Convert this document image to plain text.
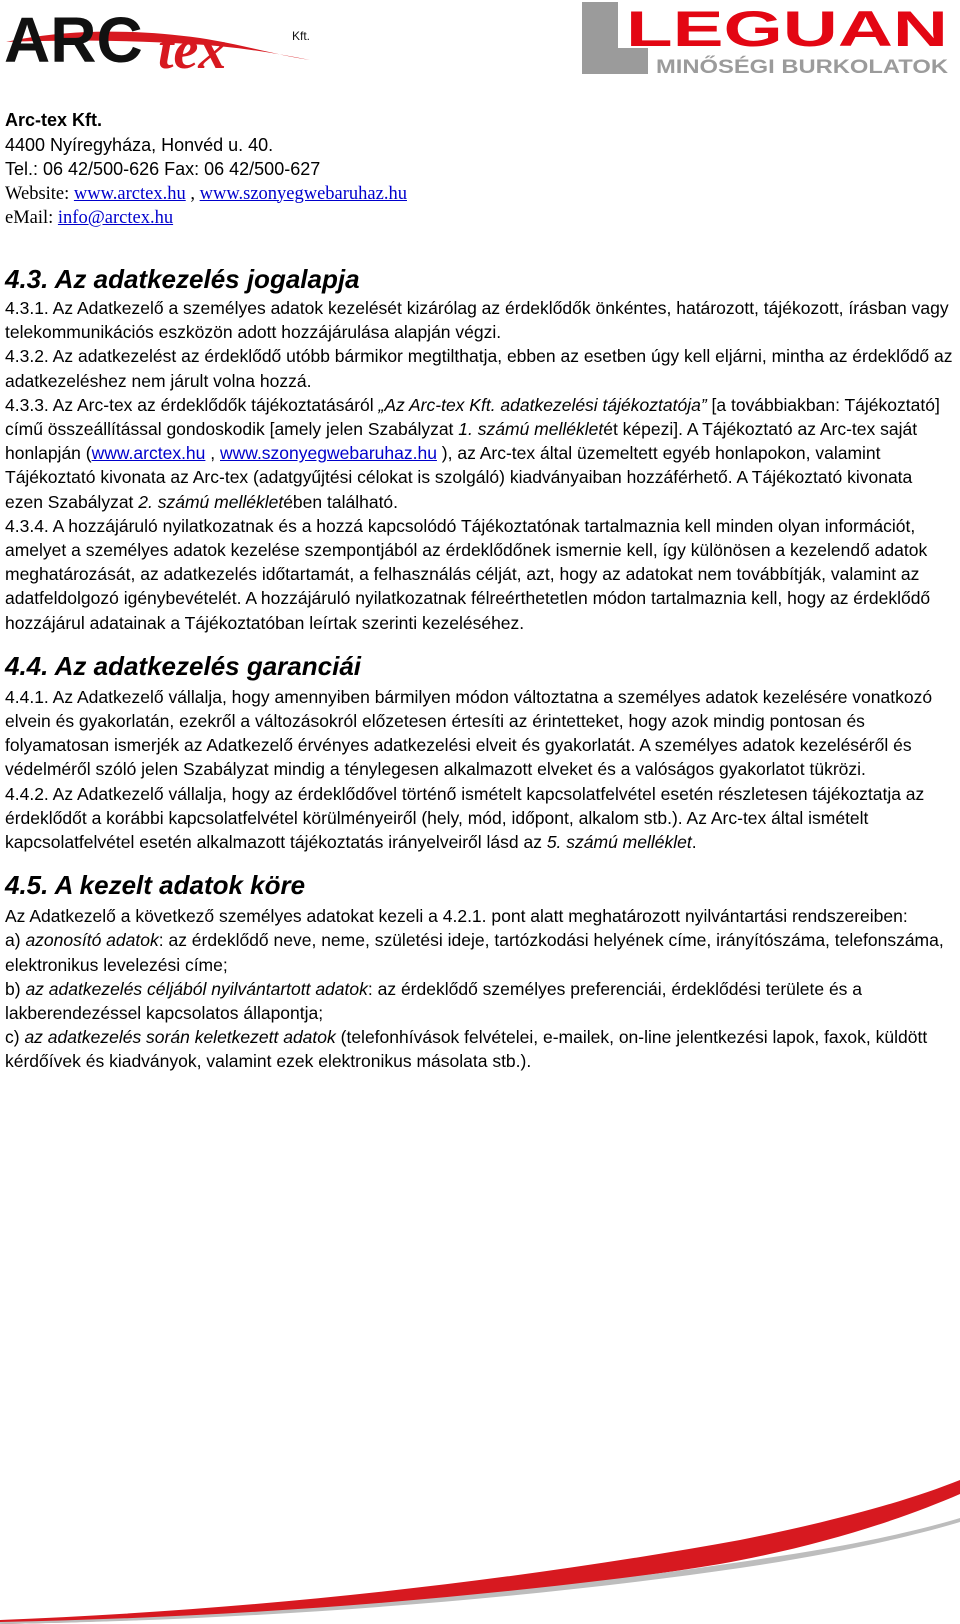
ARC tex	Kft.	LEGUAN
MINŐSÉGI BURKOLATOK
Arc-tex Kft.
4400 Nyíregyháza, Honvéd u. 40.
Tel.: 06 42/500-626 Fax: 06 42/500-627
Website: www.arctex.hu , www.szonyegwebaruhaz.hu
eMail: info@arctex.hu
4.3. Az adatkezelés jogalapja

4.3.1. Az Adatkezelő a személyes adatok kezelését kizárólag az érdeklődők önkéntes, határozott, tájékozott, írásban vagy telekommunikációs eszközön adott hozzájárulása alapján végzi.

4.3.2. Az adatkezelést az érdeklődő utóbb bármikor megtilthatja, ebben az esetben úgy kell eljárni, mintha az érdeklődő az adatkezeléshez nem járult volna hozzá.

4.3.3. Az Arc-tex az érdeklődők tájékoztatásáról „Az Arc-tex Kft. adatkezelési tájékoztatója” [a továbbiakban: Tájékoztató] című összeállítással gondoskodik [amely jelen Szabályzat 1. számú mellékletét képezi]. A Tájékoztató az Arc-tex saját honlapján (www.arctex.hu , www.szonyegwebaruhaz.hu ), az Arc-tex által üzemeltett egyéb honlapokon, valamint Tájékoztató kivonata az Arc-tex (adatgyűjtési célokat is szolgáló) kiadványaiban hozzáférhető. A Tájékoztató kivonata ezen Szabályzat 2. számú mellékletében található.

4.3.4. A hozzájáruló nyilatkozatnak és a hozzá kapcsolódó Tájékoztatónak tartalmaznia kell minden olyan információt, amelyet a személyes adatok kezelése szempontjából az érdeklődőnek ismernie kell, így különösen a kezelendő adatok meghatározását, az adatkezelés időtartamát, a felhasználás célját, azt, hogy az adatokat nem továbbítják, valamint az adatfeldolgozó igénybevételét. A hozzájáruló nyilatkozatnak félreérthetetlen módon tartalmaznia kell, hogy az érdeklődő hozzájárul adatainak a Tájékoztatóban leírtak szerinti kezeléséhez.

4.4. Az adatkezelés garanciái

4.4.1. Az Adatkezelő vállalja, hogy amennyiben bármilyen módon változtatna a személyes adatok kezelésére vonatkozó elvein és gyakorlatán, ezekről a változásokról előzetesen értesíti az érintetteket, hogy azok mindig pontosan és folyamatosan ismerjék az Adatkezelő érvényes adatkezelési elveit és gyakorlatát. A személyes adatok kezeléséről és védelméről szóló jelen Szabályzat mindig a ténylegesen alkalmazott elveket és a valóságos gyakorlatot tükrözi.

4.4.2. Az Adatkezelő vállalja, hogy az érdeklődővel történő ismételt kapcsolatfelvétel esetén részletesen tájékoztatja az érdeklődőt a korábbi kapcsolatfelvétel körülményeiről (hely, mód, időpont, alkalom stb.). Az Arc-tex által ismételt kapcsolatfelvétel esetén alkalmazott tájékoztatás irányelveiről lásd az 5. számú melléklet.

4.5. A kezelt adatok köre

Az Adatkezelő a következő személyes adatokat kezeli a 4.2.1. pont alatt meghatározott nyilvántartási rendszereiben:

a) azonosító adatok: az érdeklődő neve, neme, születési ideje, tartózkodási helyének címe, irányítószáma, telefonszáma, elektronikus levelezési címe;

b) az adatkezelés céljából nyilvántartott adatok: az érdeklődő személyes preferenciái, érdeklődési területe és a lakberendezéssel kapcsolatos állapontja;

c) az adatkezelés során keletkezett adatok (telefonhívások felvételei, e-mailek, on-line jelentkezési lapok, faxok, küldött kérdőívek és kiadványok, valamint ezek elektronikus másolata stb.).
